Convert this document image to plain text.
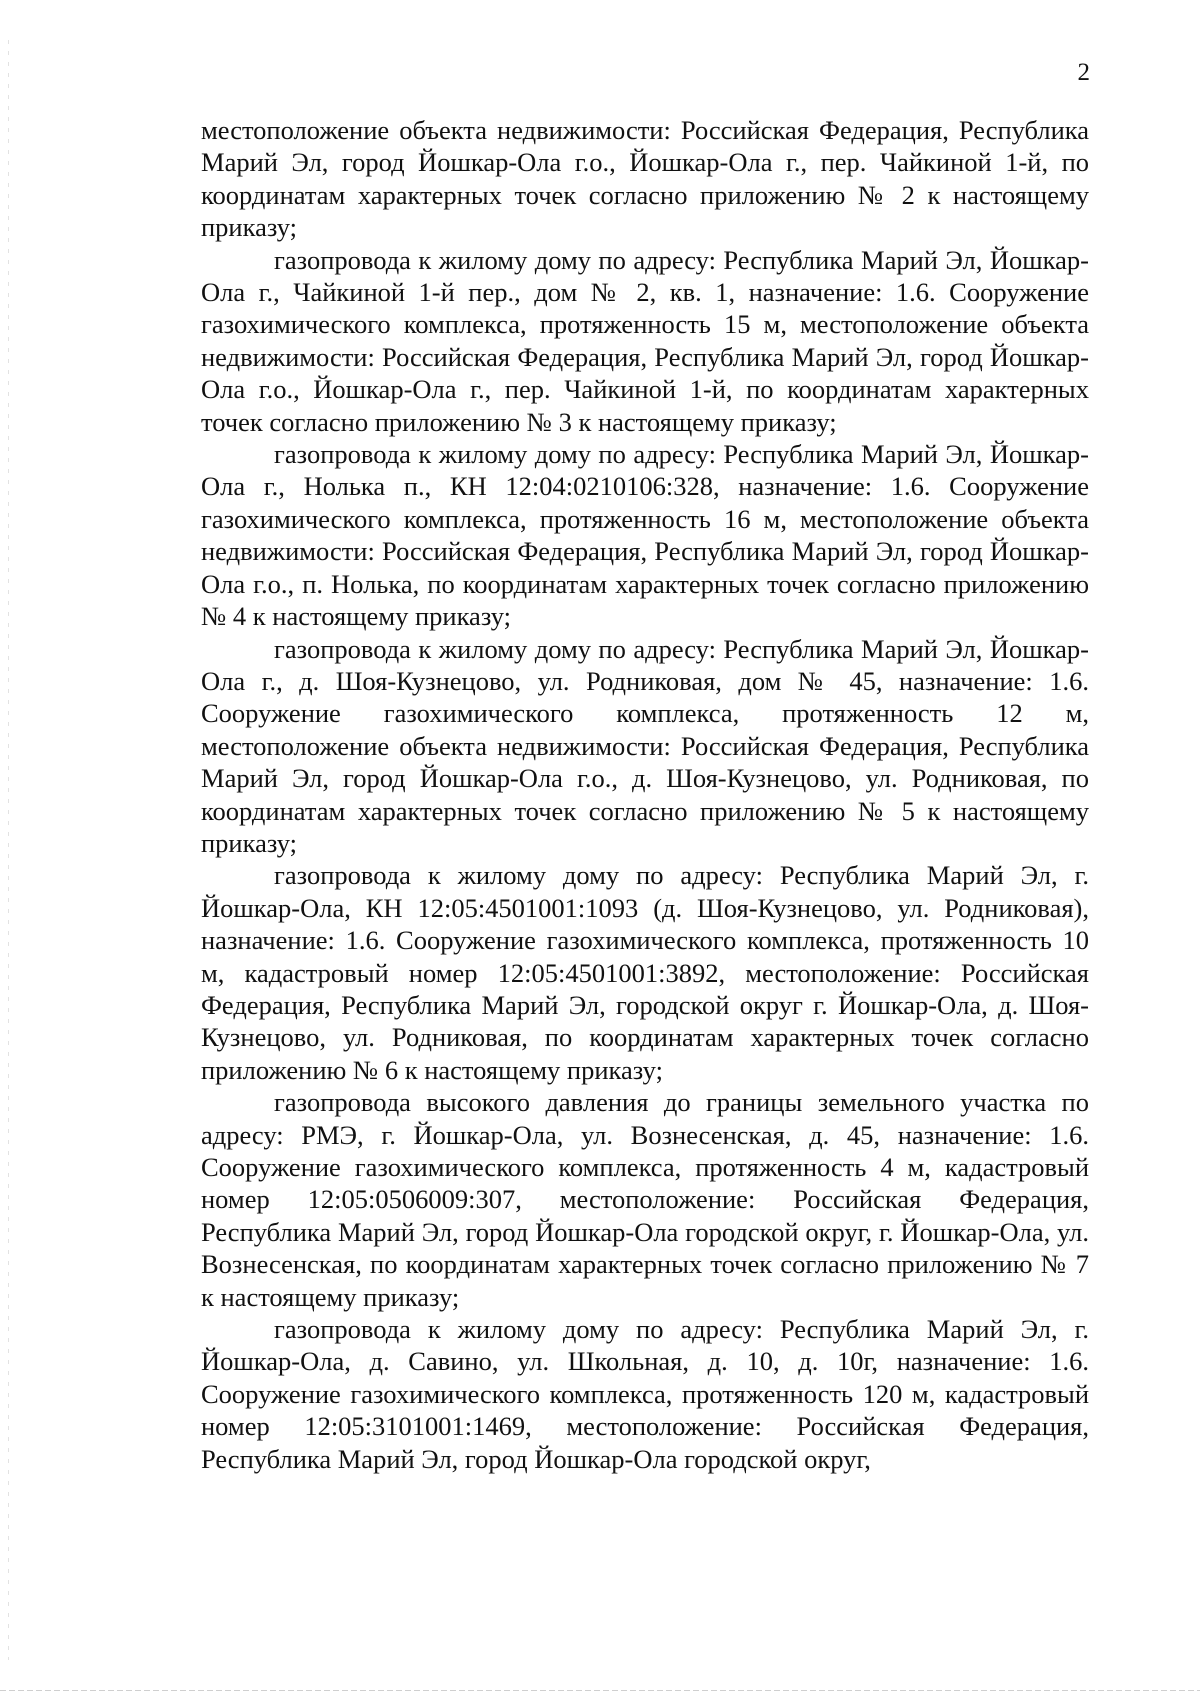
2

местоположение объекта недвижимости: Российская Федерация, Республика Марий Эл, город Йошкар-Ола г.о., Йошкар-Ола г., пер. Чайкиной 1-й, по координатам характерных точек согласно приложению № 2 к настоящему приказу;

газопровода к жилому дому по адресу: Республика Марий Эл, Йошкар-Ола г., Чайкиной 1-й пер., дом № 2, кв. 1, назначение: 1.6. Сооружение газохимического комплекса, протяженность 15 м, местоположение объекта недвижимости: Российская Федерация, Республика Марий Эл, город Йошкар-Ола г.о., Йошкар-Ола г., пер. Чайкиной 1-й, по координатам характерных точек согласно приложению № 3 к настоящему приказу;

газопровода к жилому дому по адресу: Республика Марий Эл, Йошкар-Ола г., Нолька п., КН 12:04:0210106:328, назначение: 1.6. Сооружение газохимического комплекса, протяженность 16 м, местоположение объекта недвижимости: Российская Федерация, Республика Марий Эл, город Йошкар-Ола г.о., п. Нолька, по координатам характерных точек согласно приложению № 4 к настоящему приказу;

газопровода к жилому дому по адресу: Республика Марий Эл, Йошкар-Ола г., д. Шоя-Кузнецово, ул. Родниковая, дом № 45, назначение: 1.6. Сооружение газохимического комплекса, протяженность 12 м, местоположение объекта недвижимости: Российская Федерация, Республика Марий Эл, город Йошкар-Ола г.о., д. Шоя-Кузнецово, ул. Родниковая, по координатам характерных точек согласно приложению № 5 к настоящему приказу;

газопровода к жилому дому по адресу: Республика Марий Эл, г. Йошкар-Ола, КН 12:05:4501001:1093 (д. Шоя-Кузнецово, ул. Родниковая), назначение: 1.6. Сооружение газохимического комплекса, протяженность 10 м, кадастровый номер 12:05:4501001:3892, местоположение: Российская Федерация, Республика Марий Эл, городской округ г. Йошкар-Ола, д. Шоя-Кузнецово, ул. Родниковая, по координатам характерных точек согласно приложению № 6 к настоящему приказу;

газопровода высокого давления до границы земельного участка по адресу: РМЭ, г. Йошкар-Ола, ул. Вознесенская, д. 45, назначение: 1.6. Сооружение газохимического комплекса, протяженность 4 м, кадастровый номер 12:05:0506009:307, местоположение: Российская Федерация, Республика Марий Эл, город Йошкар-Ола городской округ, г. Йошкар-Ола, ул. Вознесенская, по координатам характерных точек согласно приложению № 7 к настоящему приказу;

газопровода к жилому дому по адресу: Республика Марий Эл, г. Йошкар-Ола, д. Савино, ул. Школьная, д. 10, д. 10г, назначение: 1.6. Сооружение газохимического комплекса, протяженность 120 м, кадастровый номер 12:05:3101001:1469, местоположение: Российская Федерация, Республика Марий Эл, город Йошкар-Ола городской округ,
